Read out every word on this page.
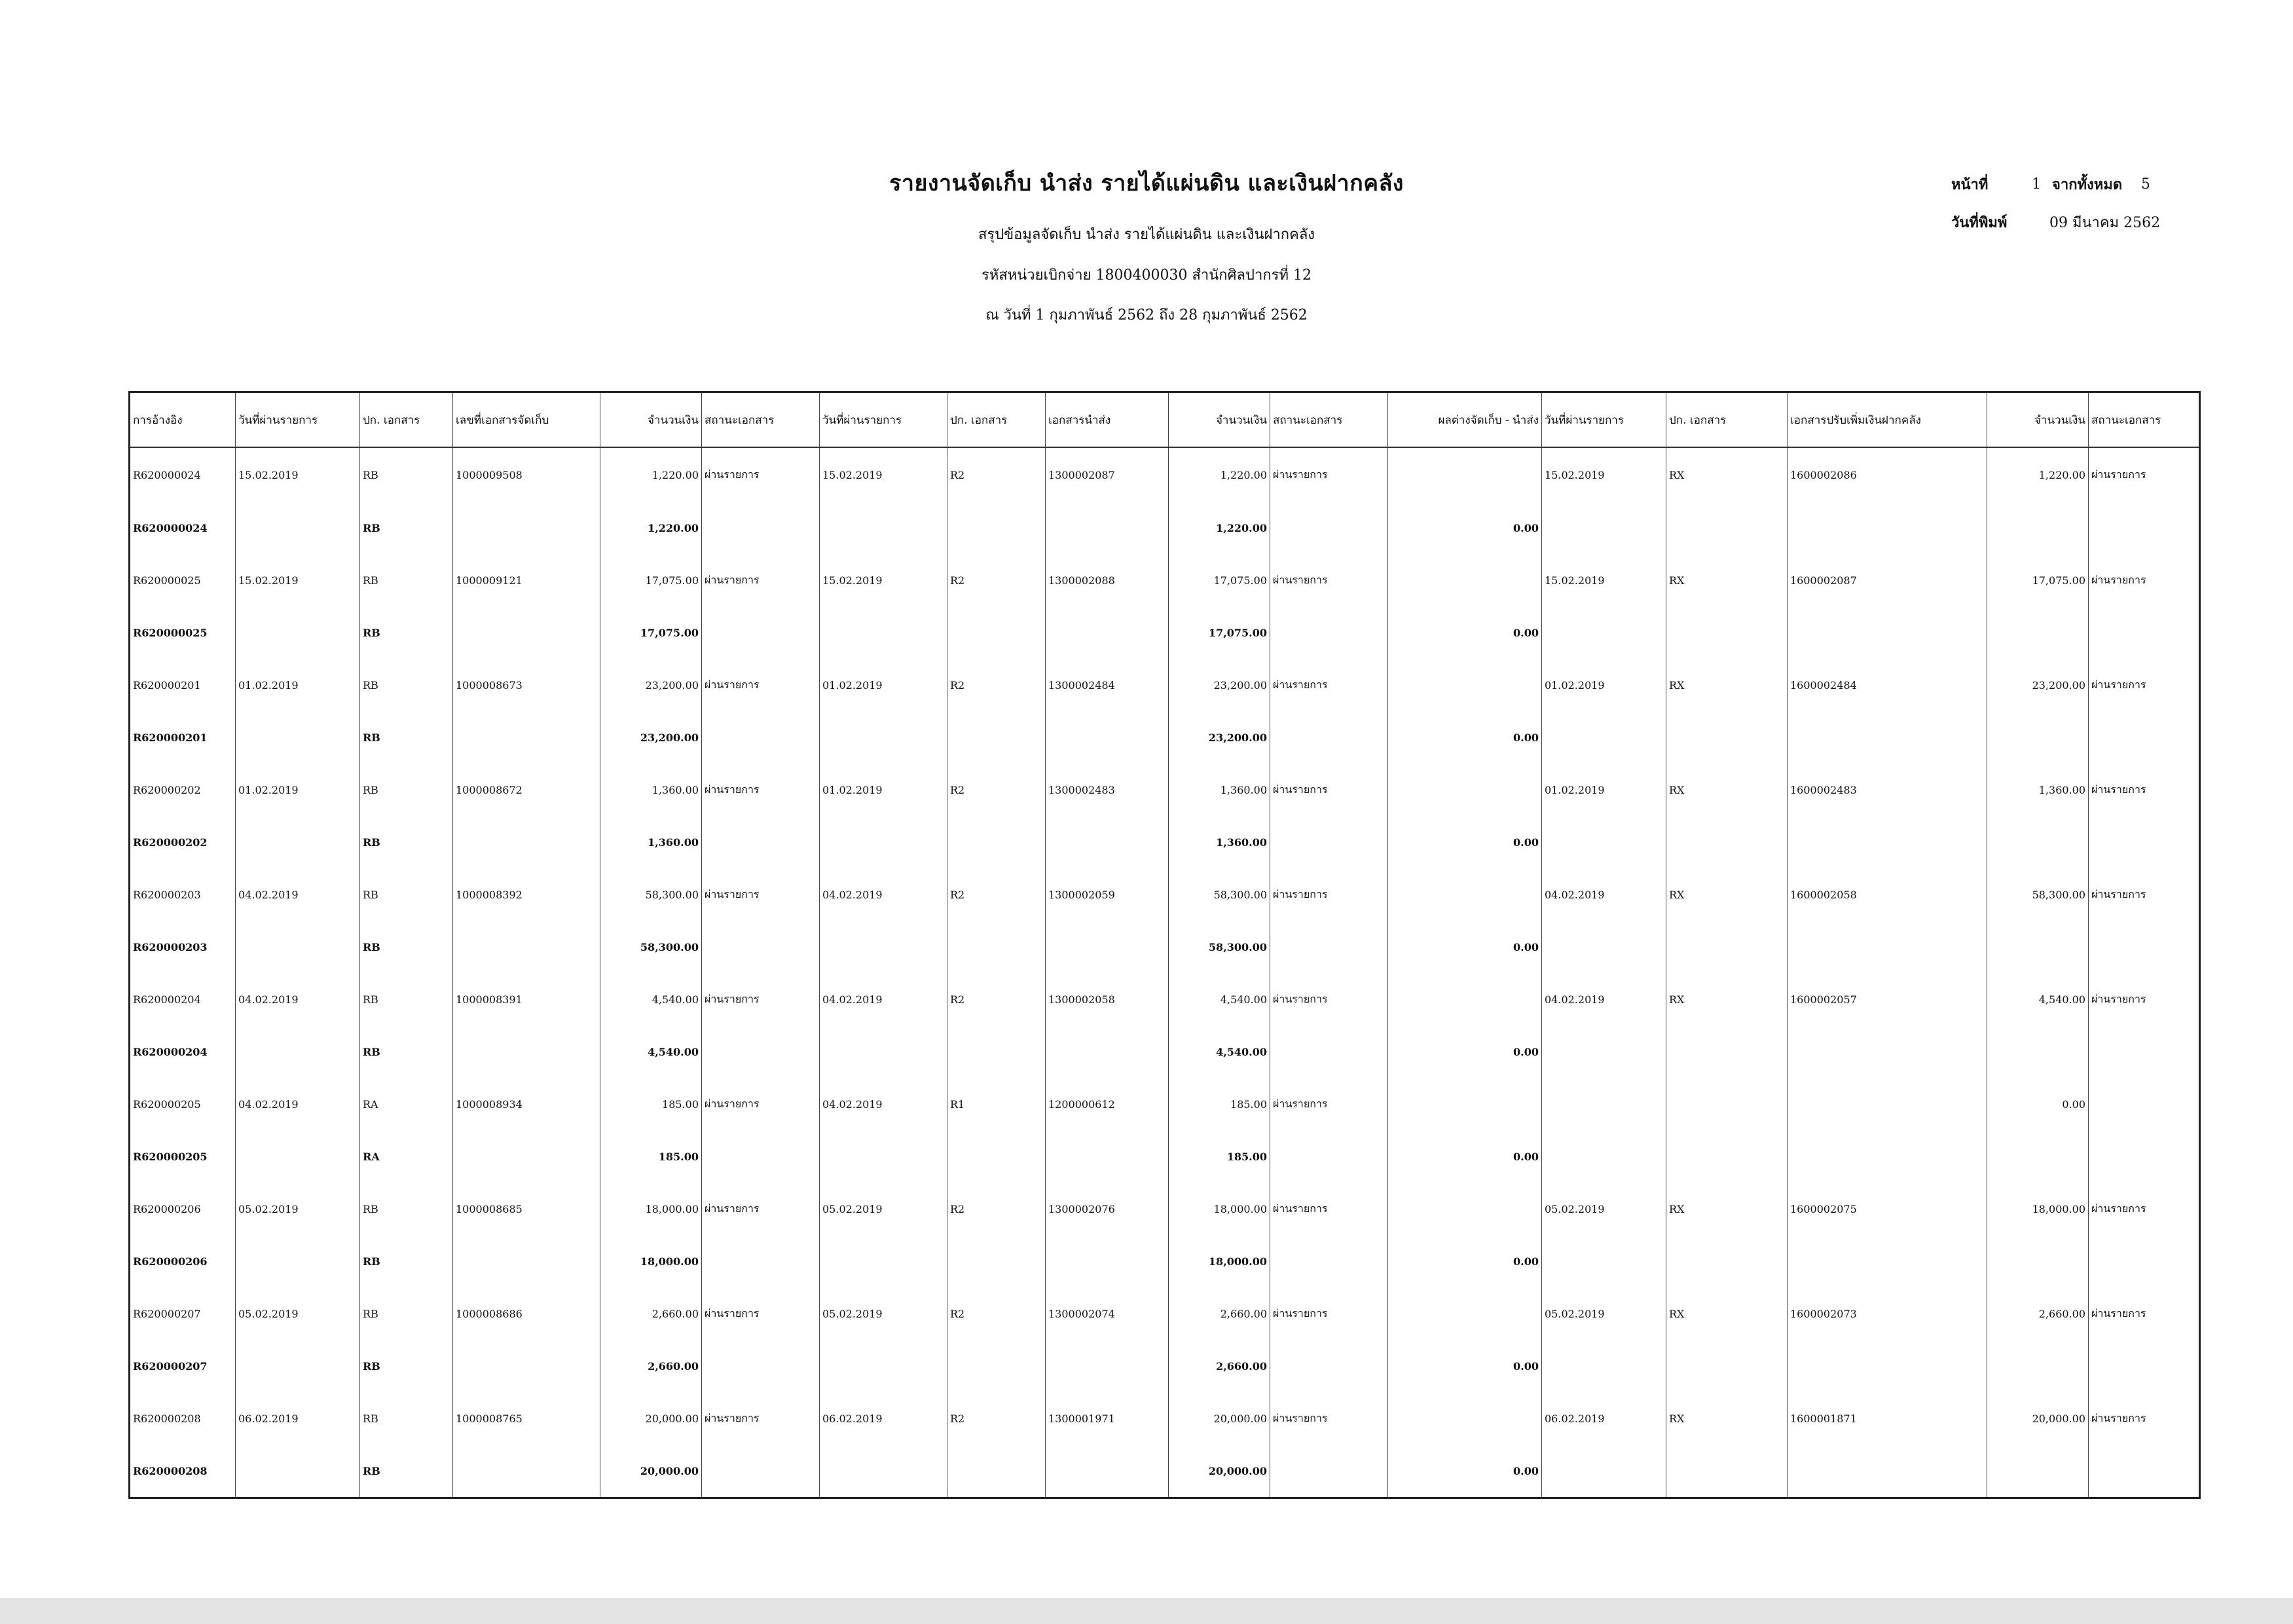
รายงานจัดเก็บ นำส่ง รายได้แผ่นดิน และเงินฝากคลัง
สรุปข้อมูลจัดเก็บ นำส่ง รายได้แผ่นดิน และเงินฝากคลัง
รหัสหน่วยเบิกจ่าย 1800400030 สำนักศิลปากรที่ 12
ณ วันที่ 1 กุมภาพันธ์ 2562 ถึง 28 กุมภาพันธ์ 2562
หน้าที่	1 จากทั้งหมด	5
วันที่พิมพ์	09 มีนาคม 2562
การอ้างอิง	วันที่ผ่านรายการ	ปก. เอกสาร	เลขที่เอกสารจัดเก็บ	จำนวนเงิน	สถานะเอกสาร	วันที่ผ่านรายการ	ปก. เอกสาร	เอกสารนำส่ง	จำนวนเงิน	สถานะเอกสาร	ผลต่างจัดเก็บ - นำส่ง	วันที่ผ่านรายการ	ปก. เอกสาร	เอกสารปรับเพิ่มเงินฝากคลัง	จำนวนเงิน	สถานะเอกสาร
R620000024	15.02.2019	RB	1000009508	1,220.00	ผ่านรายการ	15.02.2019	R2	1300002087	1,220.00	ผ่านรายการ		15.02.2019	RX	1600002086	1,220.00	ผ่านรายการ
R620000024		RB		1,220.00					1,220.00		0.00					
R620000025	15.02.2019	RB	1000009121	17,075.00	ผ่านรายการ	15.02.2019	R2	1300002088	17,075.00	ผ่านรายการ		15.02.2019	RX	1600002087	17,075.00	ผ่านรายการ
R620000025		RB		17,075.00					17,075.00		0.00					
R620000201	01.02.2019	RB	1000008673	23,200.00	ผ่านรายการ	01.02.2019	R2	1300002484	23,200.00	ผ่านรายการ		01.02.2019	RX	1600002484	23,200.00	ผ่านรายการ
R620000201		RB		23,200.00					23,200.00		0.00					
R620000202	01.02.2019	RB	1000008672	1,360.00	ผ่านรายการ	01.02.2019	R2	1300002483	1,360.00	ผ่านรายการ		01.02.2019	RX	1600002483	1,360.00	ผ่านรายการ
R620000202		RB		1,360.00					1,360.00		0.00					
R620000203	04.02.2019	RB	1000008392	58,300.00	ผ่านรายการ	04.02.2019	R2	1300002059	58,300.00	ผ่านรายการ		04.02.2019	RX	1600002058	58,300.00	ผ่านรายการ
R620000203		RB		58,300.00					58,300.00		0.00					
R620000204	04.02.2019	RB	1000008391	4,540.00	ผ่านรายการ	04.02.2019	R2	1300002058	4,540.00	ผ่านรายการ		04.02.2019	RX	1600002057	4,540.00	ผ่านรายการ
R620000204		RB		4,540.00					4,540.00		0.00					
R620000205	04.02.2019	RA	1000008934	185.00	ผ่านรายการ	04.02.2019	R1	1200000612	185.00	ผ่านรายการ					0.00	
R620000205		RA		185.00					185.00		0.00					
R620000206	05.02.2019	RB	1000008685	18,000.00	ผ่านรายการ	05.02.2019	R2	1300002076	18,000.00	ผ่านรายการ		05.02.2019	RX	1600002075	18,000.00	ผ่านรายการ
R620000206		RB		18,000.00					18,000.00		0.00					
R620000207	05.02.2019	RB	1000008686	2,660.00	ผ่านรายการ	05.02.2019	R2	1300002074	2,660.00	ผ่านรายการ		05.02.2019	RX	1600002073	2,660.00	ผ่านรายการ
R620000207		RB		2,660.00					2,660.00		0.00					
R620000208	06.02.2019	RB	1000008765	20,000.00	ผ่านรายการ	06.02.2019	R2	1300001971	20,000.00	ผ่านรายการ		06.02.2019	RX	1600001871	20,000.00	ผ่านรายการ
R620000208		RB		20,000.00					20,000.00		0.00					
